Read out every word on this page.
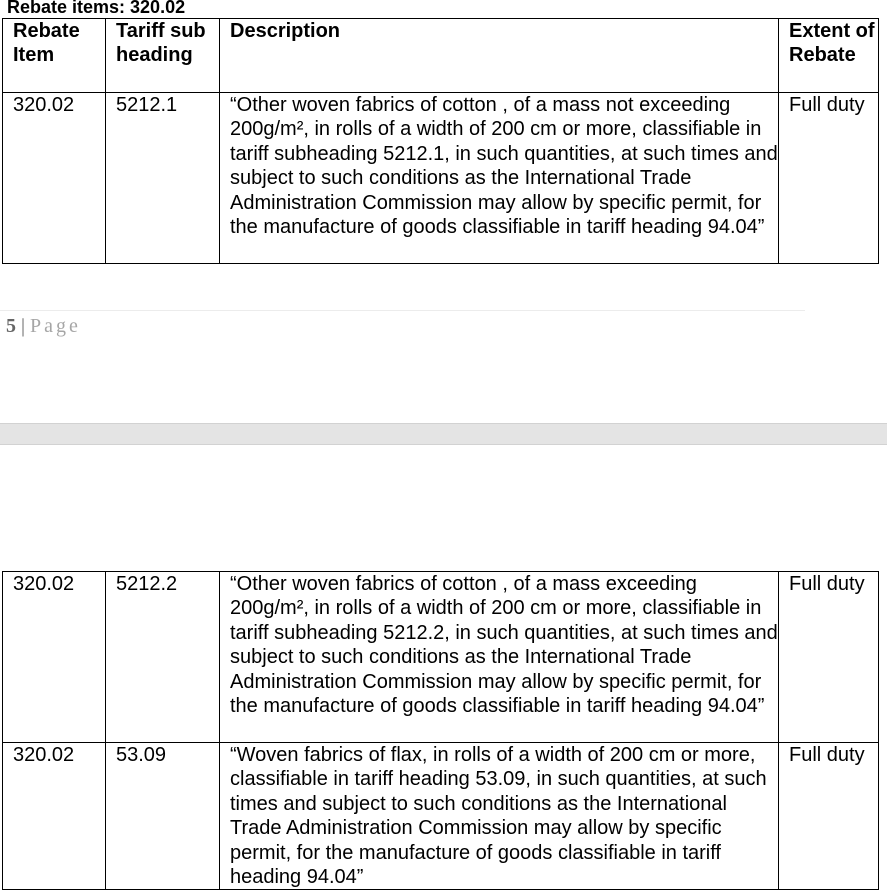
Rebate items: 320.02

Rebate Item	Tariff sub heading	Description	Extent of Rebate
320.02	5212.1	“Other woven fabrics of cotton , of a mass not exceeding 200g/m², in rolls of a width of 200 cm or more, classifiable in tariff subheading 5212.1, in such quantities, at such times and subject to such conditions as the International Trade Administration Commission may allow by specific permit, for the manufacture of goods classifiable in tariff heading 94.04”	Full duty
5 | Page
320.02	5212.2	“Other woven fabrics of cotton , of a mass exceeding 200g/m², in rolls of a width of 200 cm or more, classifiable in tariff subheading 5212.2, in such quantities, at such times and subject to such conditions as the International Trade Administration Commission may allow by specific permit, for the manufacture of goods classifiable in tariff heading 94.04”	Full duty
320.02	53.09	“Woven fabrics of flax, in rolls of a width of 200 cm or more, classifiable in tariff heading 53.09, in such quantities, at such times and subject to such conditions as the International Trade Administration Commission may allow by specific permit, for the manufacture of goods classifiable in tariff heading 94.04”	Full duty
